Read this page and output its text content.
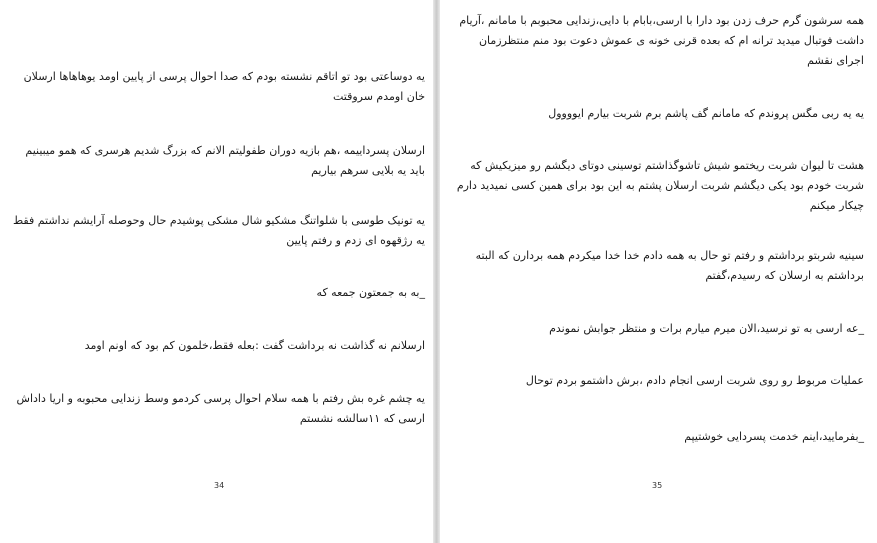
یه دوساعتی بود تو اتاقم نشسته بودم که صدا احوال پرسی از پایین اومد یوهاهاها ارسلان خان اومدم سروقتت

ارسلان پسرداییمه ،هم بازیه دوران طفولیتم الانم که بزرگ شدیم هرسری که همو میبینیم باید یه بلایی سرهم بیاریم

یه تونیک طوسی با شلواتنگ مشکیو شال مشکی پوشیدم حال وحوصله آرایشم نداشتم فقط یه رژقهوه ای زدم و رفتم پایین

_به به جمعتون جمعه که

ارسلانم نه گذاشت نه برداشت گفت :بعله فقط،خلمون کم بود که اونم اومد

یه چشم غره بش رفتم با همه سلام احوال پرسی کردمو وسط زندایی محبوبه و اریا داداش ارسی که ۱۱سالشه نشستم

34

همه سرشون گرم حرف زدن بود دارا با ارسی،بابام با دایی،زندایی محبوبم با مامانم ،آریام داشت فوتبال میدید ترانه ام که بعده قرنی خونه ی عموش دعوت بود منم منتظرزمان اجرای نقشم

یه یه ربی مگس پروندم که مامانم گف پاشم برم شربت بیارم ایوووول

هشت تا لیوان شربت ریختمو شیش تاشوگذاشتم توسینی دوتای دیگشم رو میزیکیش که شربت خودم بود یکی دیگشم شربت ارسلان پشتم به این بود برای همین کسی نمیدید دارم چیکار میکنم

سینیه شربتو برداشتم و رفتم تو حال به همه دادم خدا خدا میکردم همه بردارن که البته برداشتم به ارسلان که رسیدم،گفتم

_عه ارسی به تو نرسید،الان میرم میارم برات و منتظر جوابش نموندم

عملیات مربوط رو روی شربت ارسی انجام دادم ،برش داشتمو بردم توحال

_بفرمایید،اینم خدمت پسردایی خوشتیپم

35
